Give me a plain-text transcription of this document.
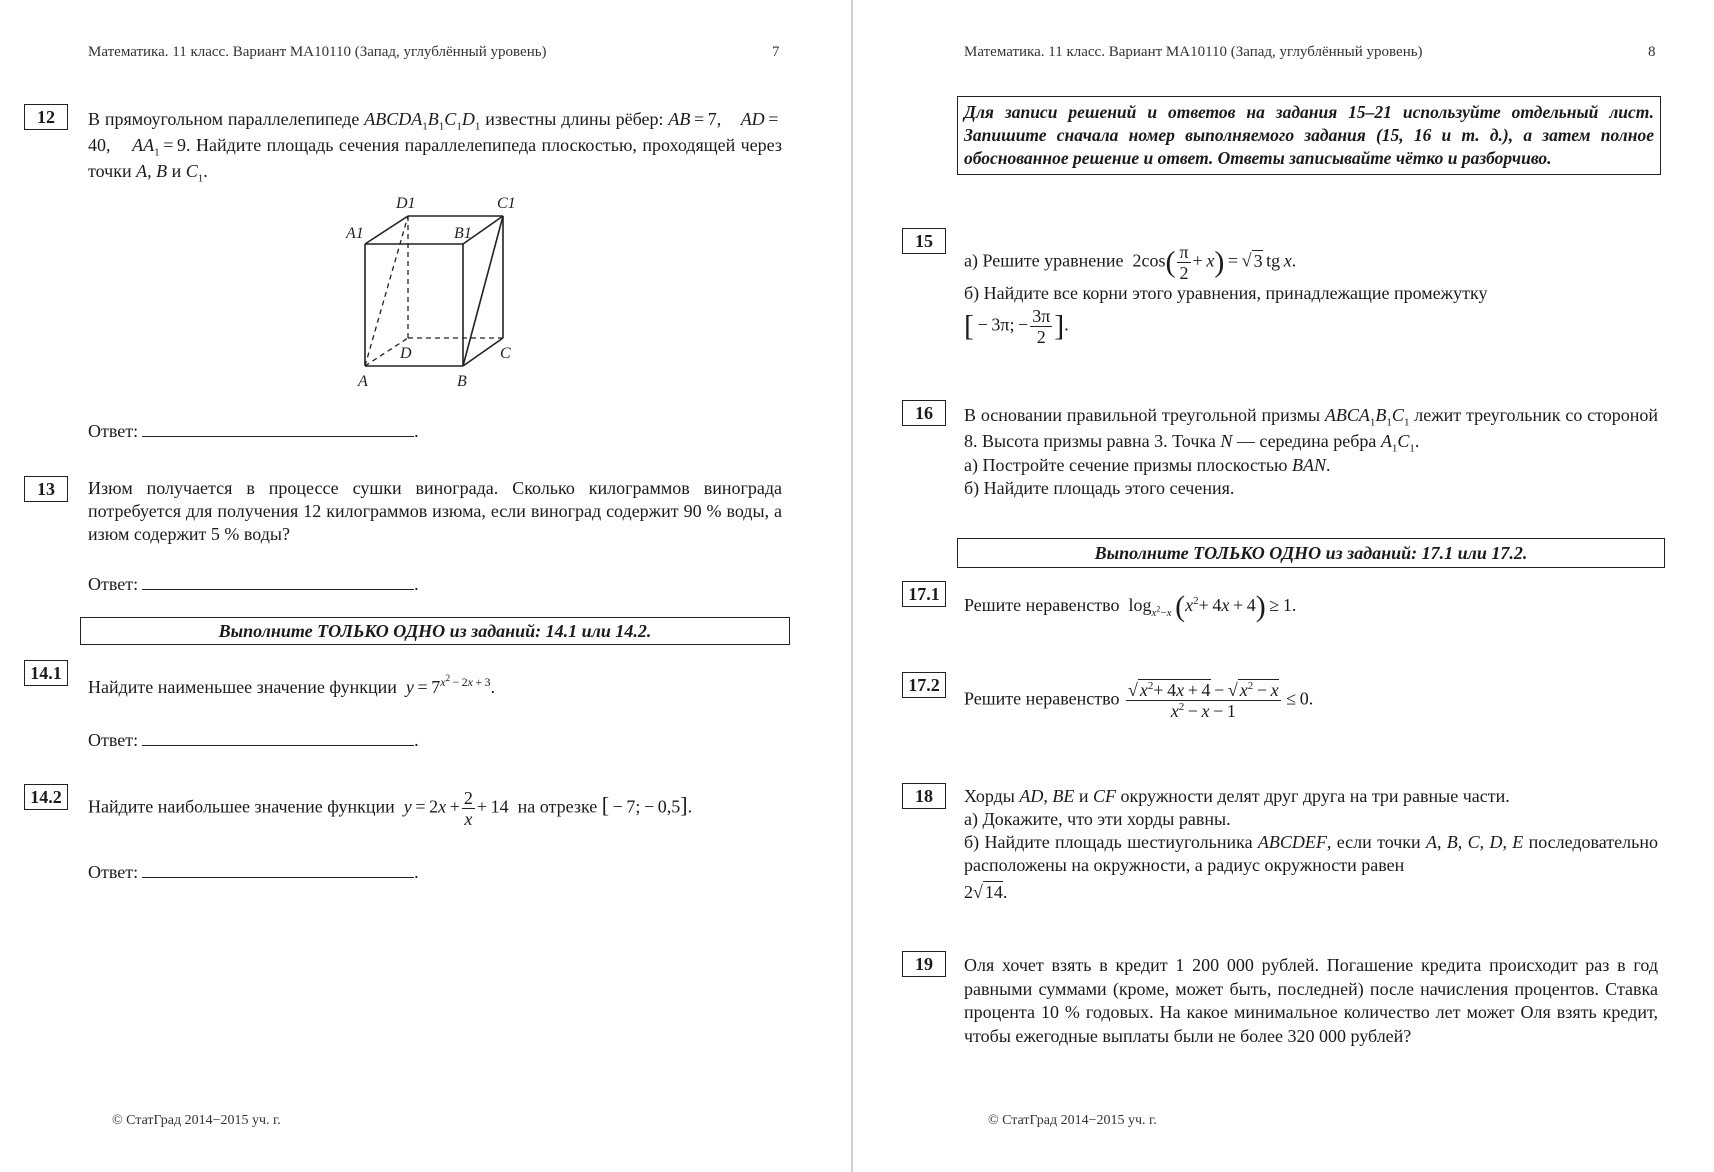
Математика. 11 класс. Вариант МА10110 (Запад, углублённый уровень)	7
12	В прямоугольном параллелепипеде $ABCDA_1B_1C_1D_1$ известны длины рёбер: AB = 7,    AD = 40,    $AA_1 = 9$. Найдите площадь сечения параллелепипеда плоскостью, проходящей через точки A, B и $C_1$.

D1	C1
A1	B1
D	C
A	B
Ответ:	.
13	Изюм получается в процессе сушки винограда. Сколько килограммов винограда потребуется для получения 12 килограммов изюма, если виноград содержит 90 % воды, а изюм содержит 5 % воды?
Ответ:	.
Выполните ТОЛЬКО ОДНО из заданий: 14.1 или 14.2.
14.1
Найдите наименьшее значение функции $y = 7^{x^2 - 2x + 3}$.
Ответ:	.
14.2	Найдите наибольшее значение функции $y = 2x + \frac{2}{x} + 14$  на отрезке [ − 7; − 0,5].
Ответ:	.
© СтатГрад 2014−2015 уч. г.
Математика. 11 класс. Вариант МА10110 (Запад, углублённый уровень)	8
Для записи решений и ответов на задания 15–21 используйте отдельный лист. Запишите сначала номер выполняемого задания (15, 16 и т. д.), а затем полное обоснованное решение и ответ. Ответы записывайте чётко и разборчиво.
15
а) Решите уравнение  $2\cos( \frac{\pi}{2} + x)$ = √ 3 tg x.

б) Найдите все корни этого уравнения, принадлежащие промежутку

[ − 3π; − $\frac{3\pi}{2}$ ].

16	В основании правильной треугольной призмы $ABCA_1B_1C_1$ лежит треугольник со стороной 8. Высота призмы равна 3. Точка N — середина ребра $A_1C_1$.

а) Постройте сечение призмы плоскостью BAN.

б) Найдите площадь этого сечения.

Выполните ТОЛЬКО ОДНО из заданий: 17.1 или 17.2.
17.1
Решите неравенство  $\log_{x^2-x} (x^2+ 4x + 4) \ge 1$.
17.2
Решите неравенство $\frac{√ x^2+ 4x + 4 - √ x^2 - x}{x^2 - x - 1} \le 0$.
18	Хорды AD, BE и CF окружности делят друг друга на три равные части.

а) Докажите, что эти хорды равны.

б) Найдите площадь шестиугольника ABCDEF, если точки A, B, C, D, E последовательно расположены на окружности, а радиус окружности равен

2√ 14.

19	Оля хочет взять в кредит 1 200 000 рублей. Погашение кредита происходит раз в год равными суммами (кроме, может быть, последней) после начисления процентов. Ставка процента 10 % годовых. На какое минимальное количество лет может Оля взять кредит, чтобы ежегодные выплаты были не более 320 000 рублей?
© СтатГрад 2014−2015 уч. г.
